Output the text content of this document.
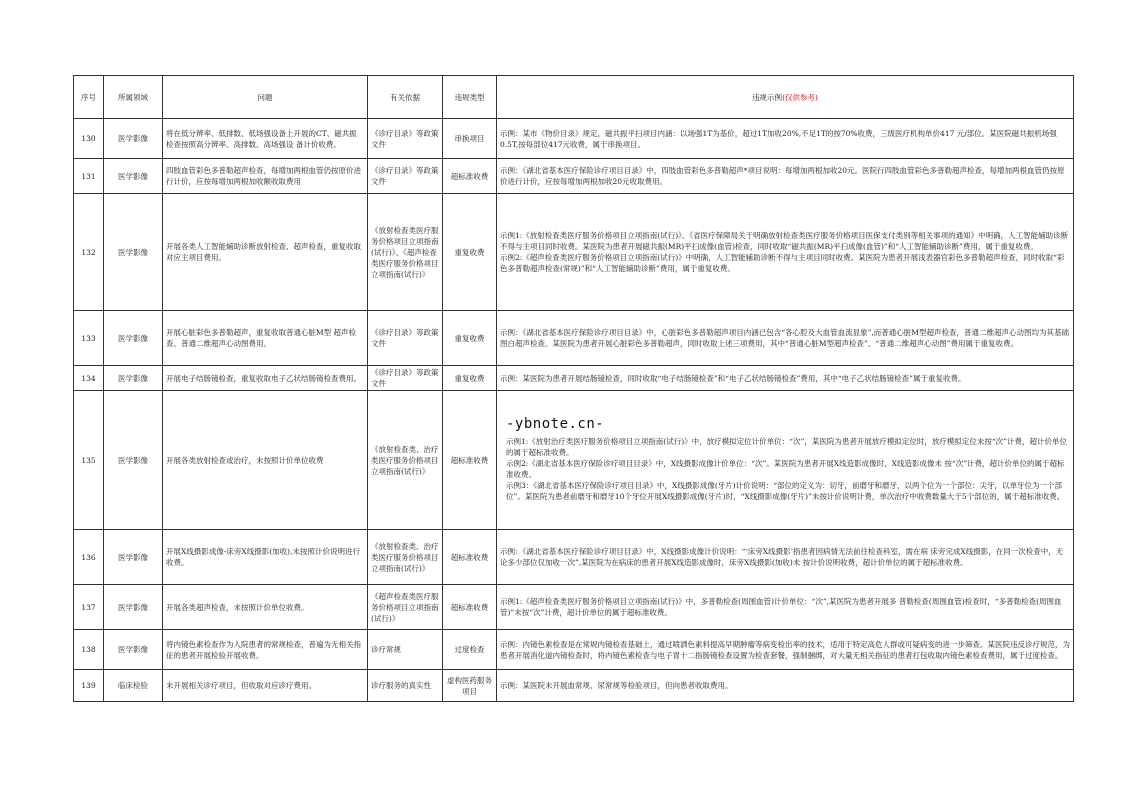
序号	所属领域	问题	有关依据	违规类型	违规示例(仅供参考)
130	医学影像	将在低分辨率、低排数、低场强设备上开展的CT、磁共振检查按照高分辨率、高排数、高场强设 备计价收费。	《诊疗目录》等政策文件	串换项目	示例：某市《物价目录》规定，磁共振平扫项目内涵：以场强1T为基价，超过1T加收20%,不足1T的按70%收费，三级医疗机构单价417 元/部位。某医院磁共振机场强0.5T,按每部位417元收费，属于串换项目。
131	医学影像	四肢血管彩色多普勒超声检查，每增加两根血管仍按原价进行计价，应按每增加两根加收额收取费用	《诊疗目录》等政策文件	超标准收费	示例：《湖北省基本医疗保险诊疗项目目录》中，四肢血管彩色多普勒超声*项目说明：每增加两根加收20元。医院行四肢血管彩色多普勒超声检查，每增加两根血管仍按原价进行计价，应按每增加两根加收20元收取费用。
132	医学影像	开展各类人工智能辅助诊断放射检查、超声检查，重复收取对应主项目费用。	《放射检查类医疗服务价格项目立项指南(试行)》、《超声检查类医疗服务价格项目立项指南(试行)》	重复收费	示例1:《放射检查类医疗服务价格项目立项指南(试行)》、《省医疗保障局关于明确放射检查类医疗服务价格项目医保支付类别等相关事项的通知》中明确，人工智能辅助诊断不得与主项目同时收费。某医院为患者开展磁共振(MR)平扫成像(血管)检查，同时收取“磁共振(MR)平扫成像(血管)”和“人工智能辅助诊断”费用，属于重复收费。
示例2:《超声检查类医疗服务价格项目立项指南(试行)》中明确，人工智能辅助诊断不得与主项目同时收费。某医院为患者开展浅表器官彩色多普勒超声检查，同时收取“彩色多普勒超声检查(常规)”和“人工智能辅助诊断”费用，属于重复收费。

133	医学影像	开展心脏彩色多普勒超声，重复收取普通心脏M型 超声检查、普通二维超声心动图费用。	《诊疗目录》等政策文件	重复收费	示例：《湖北省基本医疗保险诊疗项目目录》中，心脏彩色多普勒超声项目内涵已包含“各心腔及大血管血流显象”,而普通心脏M型超声检查，普通二维超声心动图均为其基础图白超声检查。某医院为患者开展心脏彩色多普勒超声，同时收取上述三项费用，其中“普通心脏M型超声检查”、“普通二维超声心动图”费用属于重复收费。
134	医学影像	开展电子结肠镜检查，重复收取电子乙状结肠镜检查费用。	《诊疗目录》等政策文件	重复收费	示例：某医院为患者开展结肠镜检查，同时收取“电子结肠镜检查”和“电子乙状结肠镜检查”费用，其中“电子乙状结肠镜检查”属于重复收费。
135	医学影像	开展各类放射检查或治疗，未按照计价单位收费	《放射检查类、治疗类医疗服务价格项目立项指南(试行)》	超标准收费	-ybnote.cn-
示例1:《放射治疗类医疗服务价格项目立项指南(试行)》中，放疗模拟定位计价单位：“次”，某医院为患者开展放疗模拟定位时，放疗模拟定位未按“次”计费，超计价单位的属于超标准收费。
示例2:《湖北省基本医疗保险诊疗项目目录》中，X线摄影成像计价单位：“次”。某医院为患者开展X线造影成像时，X线造影成像未 按“次”计费，超计价单位的属于超标准收费。
示例3：《湖北省基本医疗保险诊疗项目目录》中，X线摄影成像(牙片)计价说明：“部位的定义为：切牙，前磨牙和磨牙，以两个位为一个部位：尖牙，以单牙位为一个部位”。某医院为患者前磨牙和磨牙10个牙位开展X线摄影成像(牙片)时，“X线摄影成像(牙片)”未按计价说明计费，单次治疗中收费数量大于5个部位的，属于超标准收费。

136	医学影像	开展X线摄影成像-床旁X线摄影(加收),未按照计价说明进行收费。	《放射检查类、治疗类医疗服务价格项目立项指南(试行)》	超标准收费	示例：《湖北省基本医疗保险诊疗项目目录》中，X线摄影成像计价说明：“‘床旁X线摄影’指患者因病情无法前往检查科室，需在病 床旁完成X线摄影，在同一次检查中，无论多少部位仅加收一次”,某医院为在病床的患者开展X线造影成像时，床旁X线摄影(加收)未 按计价说明收费，超计价单位的属于超标准收费。
137	医学影像	开展各类超声检查，未按照计价单位收费。	《超声检查类医疗服务价格项目立项指南(试行)》	超标准收费	示例1:《超声检查类医疗服务价格项目立项指南(试行)》中，多普勒检查(周围血管)计价单位：“次”,某医院为患者开展多 普勒检查(周围血管)检查时，“多普勒检查(周围血管)”未按“次”计费，超计价单位的属于超标准收费。
138	医学影像	将内镜色素检查作为入院患者的常规检查，普遍为无相关指征的患者开展检验开展收费。	诊疗常规	过度检查	示例：内镜色素检查是在常规内镜检查基础上，通过喷洒色素料提高早期肿瘤等病变检出率的技术，适用于特定高危人群或可疑病变的进一步筛查。某医院违反诊疗规范，为患者开展消化道内镜检查时，将内镜色素检查与电子胃十二指肠镜检查设置为检查套餐，强制捆绑，对大量无相关指征的患者打包收取内镜色素检查费用，属于过度检查。
139	临床检验	未开展相关诊疗项目，但收取对应诊疗费用。	诊疗服务的真实性	虚构医药服务项目	示例：某医院未开展血常规、尿常规等检验项目，但向患者收取费用。
